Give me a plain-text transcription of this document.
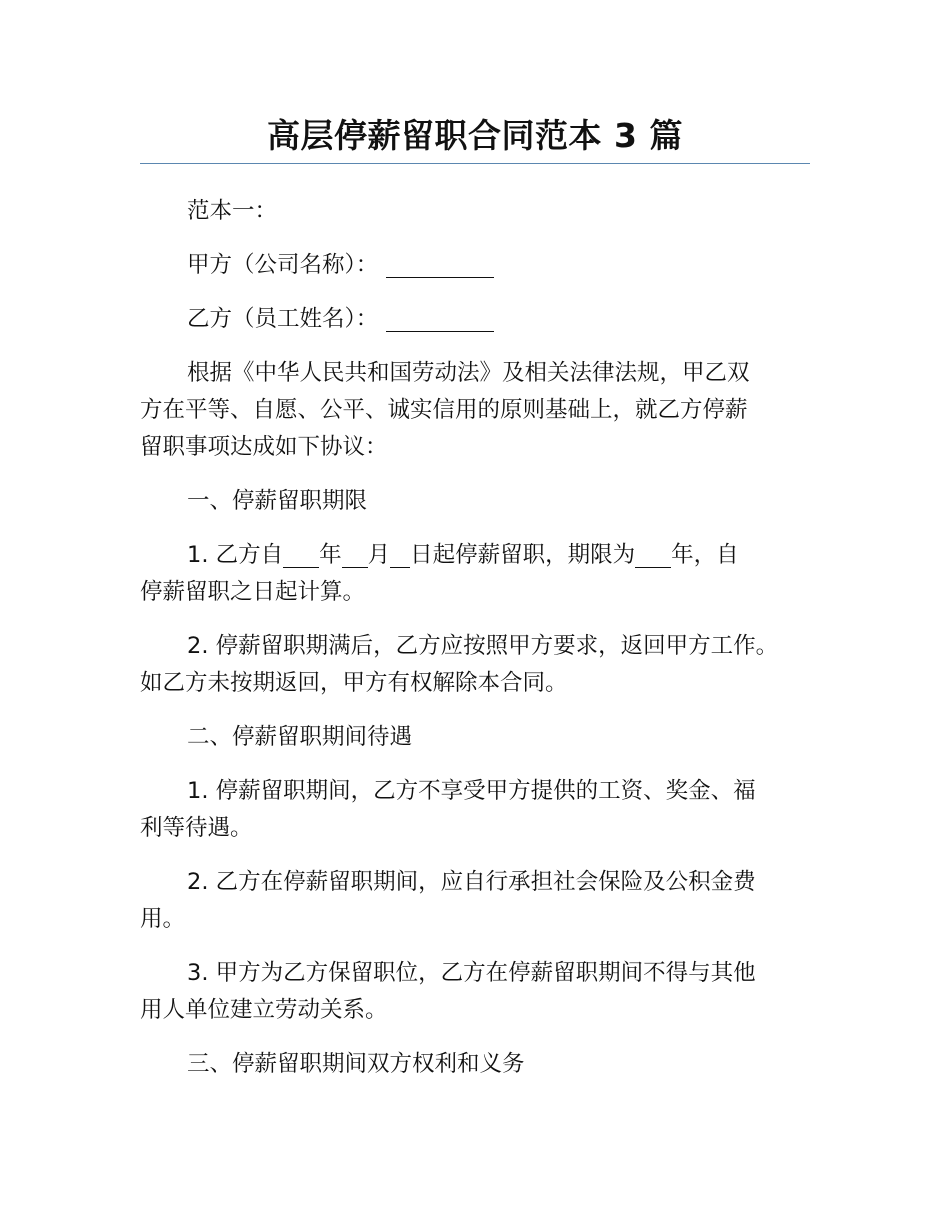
高层停薪留职合同范本 3 篇

范本一：

甲方（公司名称）：

乙方（员工姓名）：

根据《中华人民共和国劳动法》及相关法律法规，甲乙双
方在平等、自愿、公平、诚实信用的原则基础上，就乙方停薪
留职事项达成如下协议：

一、停薪留职期限

1. 乙方自 年 月 日起停薪留职，期限为 年，自
停薪留职之日起计算。

2. 停薪留职期满后，乙方应按照甲方要求，返回甲方工作。
如乙方未按期返回，甲方有权解除本合同。

二、停薪留职期间待遇

1. 停薪留职期间，乙方不享受甲方提供的工资、奖金、福
利等待遇。

2. 乙方在停薪留职期间，应自行承担社会保险及公积金费
用。

3. 甲方为乙方保留职位，乙方在停薪留职期间不得与其他
用人单位建立劳动关系。

三、停薪留职期间双方权利和义务
